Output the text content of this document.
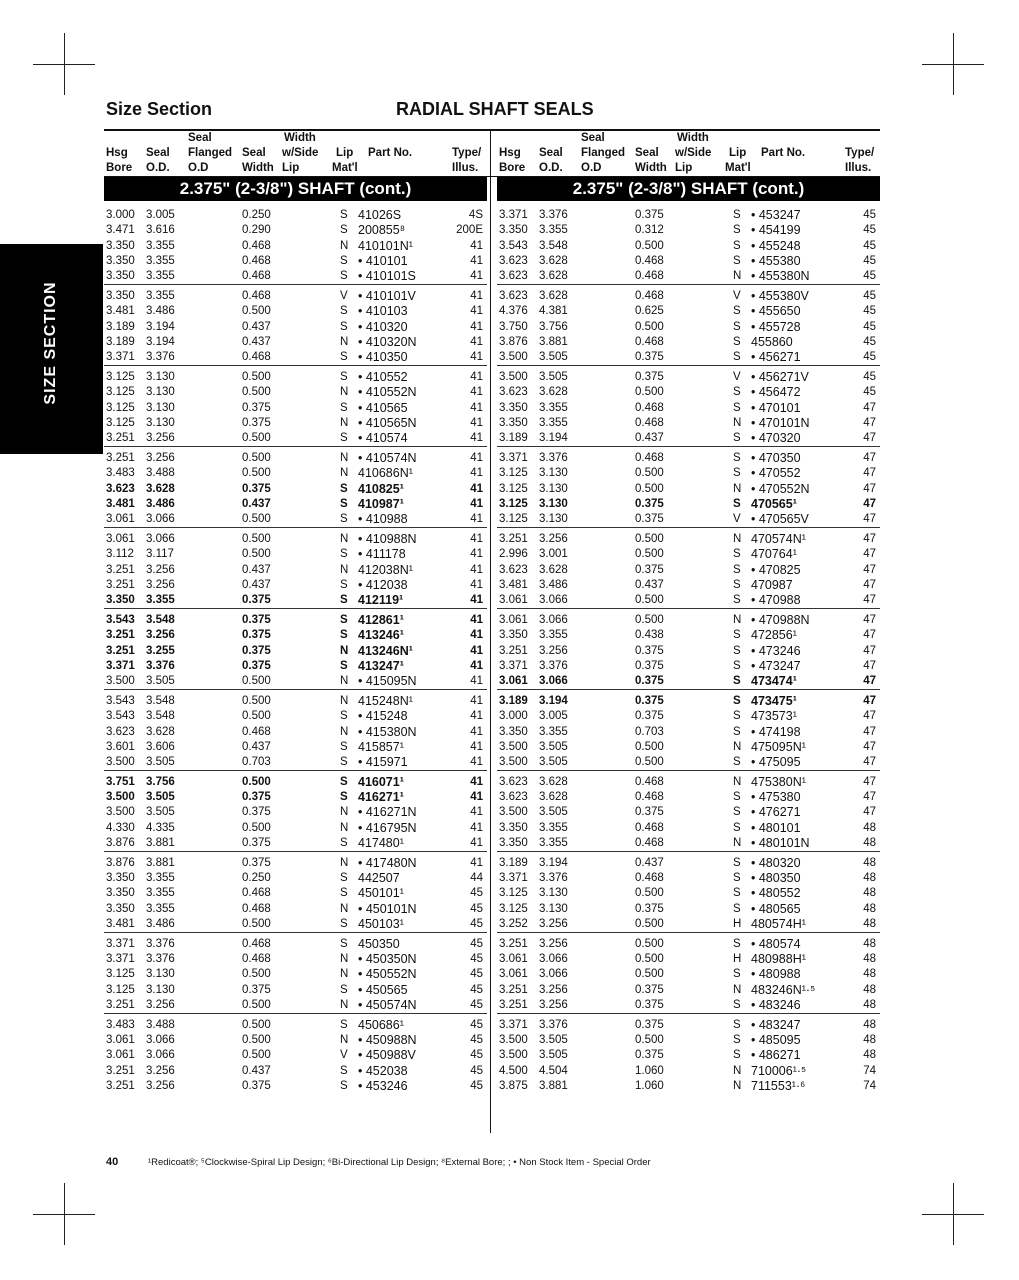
SIZE SECTION
Size Section	RADIAL SHAFT SEALS
Seal	Width
Hsg Seal Flanged Seal w/Side Lip Part No.	Type/
Bore O.D. O.D	Width Lip	Mat'l	Illus.
2.375" (2-3/8") SHAFT (cont.)
3.000 3.005	0.250	S 41026S	4S
3.471 3.616	0.290	S 200855⁸	200E
3.350 3.355	0.468	N 410101N¹	41
3.350 3.355	0.468	S • 410101	41
3.350 3.355	0.468	S • 410101S	41
3.350 3.355	0.468	V • 410101V	41
3.481 3.486	0.500	S • 410103	41
3.189 3.194	0.437	S • 410320	41
3.189 3.194	0.437	N • 410320N	41
3.371 3.376	0.468	S • 410350	41
3.125 3.130	0.500	S • 410552	41
3.125 3.130	0.500	N • 410552N	41
3.125 3.130	0.375	S • 410565	41
3.125 3.130	0.375	N • 410565N	41
3.251 3.256	0.500	S • 410574	41
3.251 3.256	0.500	N • 410574N	41
3.483 3.488	0.500	N 410686N¹	41
3.623 3.628	0.375	S 410825¹	41
3.481 3.486	0.437	S 410987¹	41
3.061 3.066	0.500	S • 410988	41
3.061 3.066	0.500	N • 410988N	41
3.112 3.117	0.500	S • 411178	41
3.251 3.256	0.437	N 412038N¹	41
3.251 3.256	0.437	S • 412038	41
3.350 3.355	0.375	S 412119¹	41
3.543 3.548	0.375	S 412861¹	41
3.251 3.256	0.375	S 413246¹	41
3.251 3.255	0.375	N 413246N¹	41
3.371 3.376	0.375	S 413247¹	41
3.500 3.505	0.500	N • 415095N	41
3.543 3.548	0.500	N 415248N¹	41
3.543 3.548	0.500	S • 415248	41
3.623 3.628	0.468	N • 415380N	41
3.601 3.606	0.437	S 415857¹	41
3.500 3.505	0.703	S • 415971	41
3.751 3.756	0.500	S 416071¹	41
3.500 3.505	0.375	S 416271¹	41
3.500 3.505	0.375	N • 416271N	41
4.330 4.335	0.500	N • 416795N	41
3.876 3.881	0.375	S 417480¹	41
3.876 3.881	0.375	N • 417480N	41
3.350 3.355	0.250	S 442507	44
3.350 3.355	0.468	S 450101¹	45
3.350 3.355	0.468	N • 450101N	45
3.481 3.486	0.500	S 450103¹	45
3.371 3.376	0.468	S 450350	45
3.371 3.376	0.468	N • 450350N	45
3.125 3.130	0.500	N • 450552N	45
3.125 3.130	0.375	S • 450565	45
3.251 3.256	0.500	N • 450574N	45
3.483 3.488	0.500	S 450686¹	45
3.061 3.066	0.500	N • 450988N	45
3.061 3.066	0.500	V • 450988V	45
3.251 3.256	0.437	S • 452038	45
3.251 3.256	0.375	S • 453246	45
Seal	Width
Hsg Seal Flanged Seal w/Side Lip Part No.	Type/
Bore O.D. O.D	Width Lip	Mat'l	Illus.
2.375" (2-3/8") SHAFT (cont.)
3.371 3.376	0.375	S • 453247	45
3.350 3.355	0.312	S • 454199	45
3.543 3.548	0.500	S • 455248	45
3.623 3.628	0.468	S • 455380	45
3.623 3.628	0.468	N • 455380N	45
3.623 3.628	0.468	V • 455380V	45
4.376 4.381	0.625	S • 455650	45
3.750 3.756	0.500	S • 455728	45
3.876 3.881	0.468	S 455860	45
3.500 3.505	0.375	S • 456271	45
3.500 3.505	0.375	V • 456271V	45
3.623 3.628	0.500	S • 456472	45
3.350 3.355	0.468	S • 470101	47
3.350 3.355	0.468	N • 470101N	47
3.189 3.194	0.437	S • 470320	47
3.371 3.376	0.468	S • 470350	47
3.125 3.130	0.500	S • 470552	47
3.125 3.130	0.500	N • 470552N	47
3.125 3.130	0.375	S 470565¹	47
3.125 3.130	0.375	V • 470565V	47
3.251 3.256	0.500	N 470574N¹	47
2.996 3.001	0.500	S 470764¹	47
3.623 3.628	0.375	S • 470825	47
3.481 3.486	0.437	S 470987	47
3.061 3.066	0.500	S • 470988	47
3.061 3.066	0.500	N • 470988N	47
3.350 3.355	0.438	S 472856¹	47
3.251 3.256	0.375	S • 473246	47
3.371 3.376	0.375	S • 473247	47
3.061 3.066	0.375	S 473474¹	47
3.189 3.194	0.375	S 473475¹	47
3.000 3.005	0.375	S 473573¹	47
3.350 3.355	0.703	S • 474198	47
3.500 3.505	0.500	N 475095N¹	47
3.500 3.505	0.500	S • 475095	47
3.623 3.628	0.468	N 475380N¹	47
3.623 3.628	0.468	S • 475380	47
3.500 3.505	0.375	S • 476271	47
3.350 3.355	0.468	S • 480101	48
3.350 3.355	0.468	N • 480101N	48
3.189 3.194	0.437	S • 480320	48
3.371 3.376	0.468	S • 480350	48
3.125 3.130	0.500	S • 480552	48
3.125 3.130	0.375	S • 480565	48
3.252 3.256	0.500	H 480574H¹	48
3.251 3.256	0.500	S • 480574	48
3.061 3.066	0.500	H 480988H¹	48
3.061 3.066	0.500	S • 480988	48
3.251 3.256	0.375	N 483246N¹·⁵	48
3.251 3.256	0.375	S • 483246	48
3.371 3.376	0.375	S • 483247	48
3.500 3.505	0.500	S • 485095	48
3.500 3.505	0.375	S • 486271	48
4.500 4.504	1.060	N 710006¹·⁵	74
3.875 3.881	1.060	N 711553¹·⁶	74
40	¹Redicoat®; ⁵Clockwise-Spiral Lip Design; ⁶Bi-Directional Lip Design; ⁸External Bore; ; • Non Stock Item - Special Order
